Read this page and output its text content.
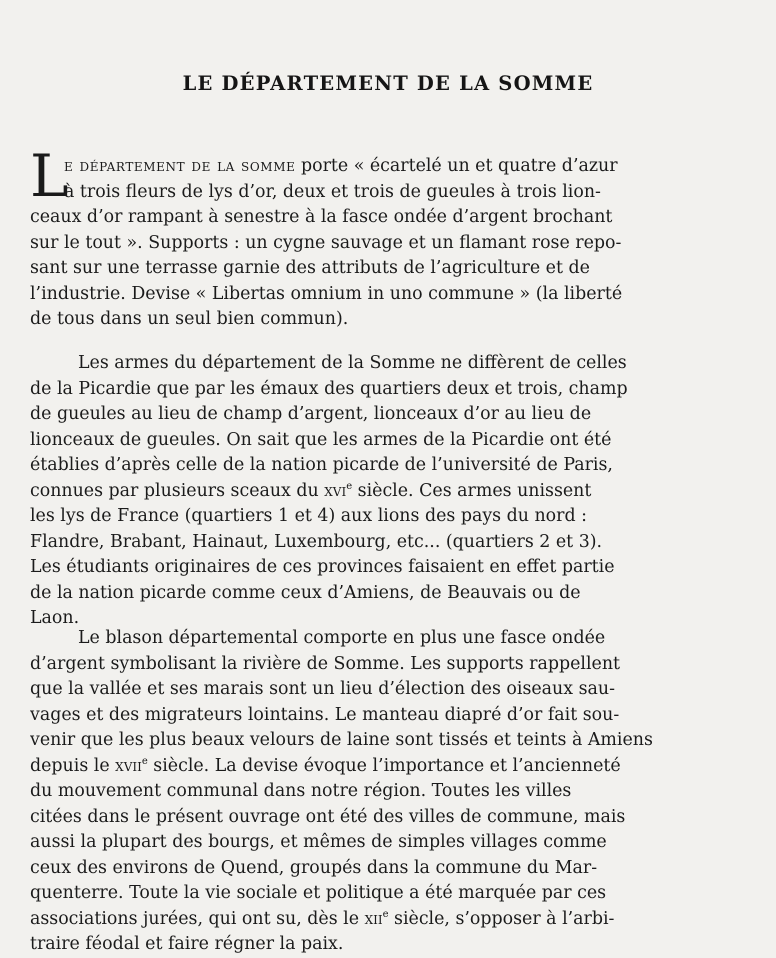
LE DÉPARTEMENT DE LA SOMME
L
e département de la somme porte « écartelé un et quatre d’azur
à trois fleurs de lys d’or, deux et trois de gueules à trois lion-
ceaux d’or rampant à senestre à la fasce ondée d’argent brochant
sur le tout ». Supports : un cygne sauvage et un flamant rose repo-
sant sur une terrasse garnie des attributs de l’agriculture et de
l’industrie. Devise « Libertas omnium in uno commune » (la liberté
de tous dans un seul bien commun).
Les armes du département de la Somme ne diffèrent de celles
de la Picardie que par les émaux des quartiers deux et trois, champ
de gueules au lieu de champ d’argent, lionceaux d’or au lieu de
lionceaux de gueules. On sait que les armes de la Picardie ont été
établies d’après celle de la nation picarde de l’université de Paris,
connues par plusieurs sceaux du xvi$^e$ siècle. Ces armes unissent
les lys de France (quartiers 1 et 4) aux lions des pays du nord :
Flandre, Brabant, Hainaut, Luxembourg, etc... (quartiers 2 et 3).
Les étudiants originaires de ces provinces faisaient en effet partie
de la nation picarde comme ceux d’Amiens, de Beauvais ou de
Laon.
Le blason départemental comporte en plus une fasce ondée
d’argent symbolisant la rivière de Somme. Les supports rappellent
que la vallée et ses marais sont un lieu d’élection des oiseaux sau-
vages et des migrateurs lointains. Le manteau diapré d’or fait sou-
venir que les plus beaux velours de laine sont tissés et teints à Amiens
depuis le xvii$^e$ siècle. La devise évoque l’importance et l’ancienneté
du mouvement communal dans notre région. Toutes les villes
citées dans le présent ouvrage ont été des villes de commune, mais
aussi la plupart des bourgs, et mêmes de simples villages comme
ceux des environs de Quend, groupés dans la commune du Mar-
quenterre. Toute la vie sociale et politique a été marquée par ces
associations jurées, qui ont su, dès le xii$^e$ siècle, s’opposer à l’arbi-
traire féodal et faire régner la paix.
